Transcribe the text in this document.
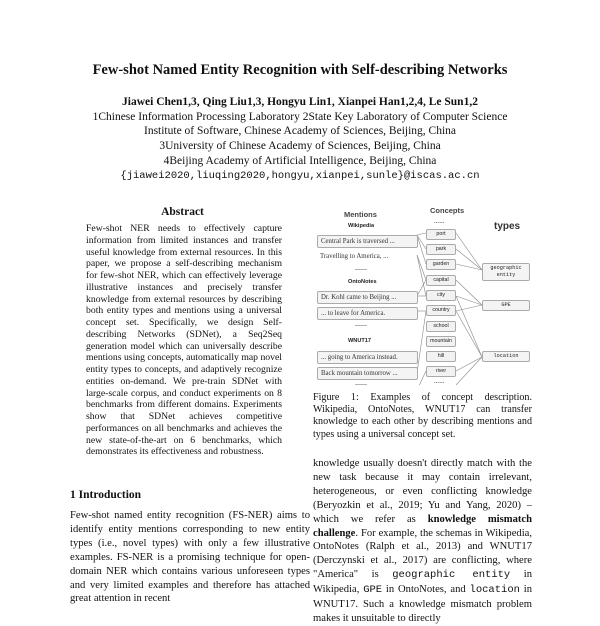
Few-shot Named Entity Recognition with Self-describing Networks
Jiawei Chen1,3, Qing Liu1,3, Hongyu Lin1, Xianpei Han1,2,4, Le Sun1,2
1Chinese Information Processing Laboratory 2State Key Laboratory of Computer Science
Institute of Software, Chinese Academy of Sciences, Beijing, China
3University of Chinese Academy of Sciences, Beijing, China
4Beijing Academy of Artificial Intelligence, Beijing, China
{jiawei2020,liuqing2020,hongyu,xianpei,sunle}@iscas.ac.cn
Abstract
Few-shot NER needs to effectively capture information from limited instances and transfer useful knowledge from external resources. In this paper, we propose a self-describing mechanism for few-shot NER, which can effectively leverage illustrative instances and precisely transfer knowledge from external resources by describing both entity types and mentions using a universal concept set. Specifically, we design Self-describing Networks (SDNet), a Seq2Seq generation model which can universally describe mentions using concepts, automatically map novel entity types to concepts, and adaptively recognize entities on-demand. We pre-train SDNet with large-scale corpus, and conduct experiments on 8 benchmarks from different domains. Experiments show that SDNet achieves competitive performances on all benchmarks and achieves the new state-of-the-art on 6 benchmarks, which demonstrates its effectiveness and robustness.
1 Introduction
Few-shot named entity recognition (FS-NER) aims to identify entity mentions corresponding to new entity types (i.e., novel types) with only a few illustrative examples. FS-NER is a promising technique for open-domain NER which contains various unforeseen types and very limited examples and therefore has attached great attention in recent
Mentions	Concepts
types
Wikipedia
Central Park is traversed ...
Travelling to America, ...
......
OntoNotes
Dr. Kohl came to Beijing ...
... to leave for America.
......
WNUT17
... going to America instead.
Back mountain tomorrow ...
......
......
port
park
garden
capital
city
country
school
mountain
hill
river
......
geographic entity
GPE
location
Figure 1: Examples of concept description. Wikipedia, OntoNotes, WNUT17 can transfer knowledge to each other by describing mentions and types using a universal concept set.
knowledge usually doesn't directly match with the new task because it may contain irrelevant, heterogeneous, or even conflicting knowledge (Beryozkin et al., 2019; Yu and Yang, 2020) – which we refer as knowledge mismatch challenge. For example, the schemas in Wikipedia, OntoNotes (Ralph et al., 2013) and WNUT17 (Derczynski et al., 2017) are conflicting, where "America" is geographic entity in Wikipedia, GPE in OntoNotes, and location in WNUT17. Such a knowledge mismatch problem makes it unsuitable to directly
